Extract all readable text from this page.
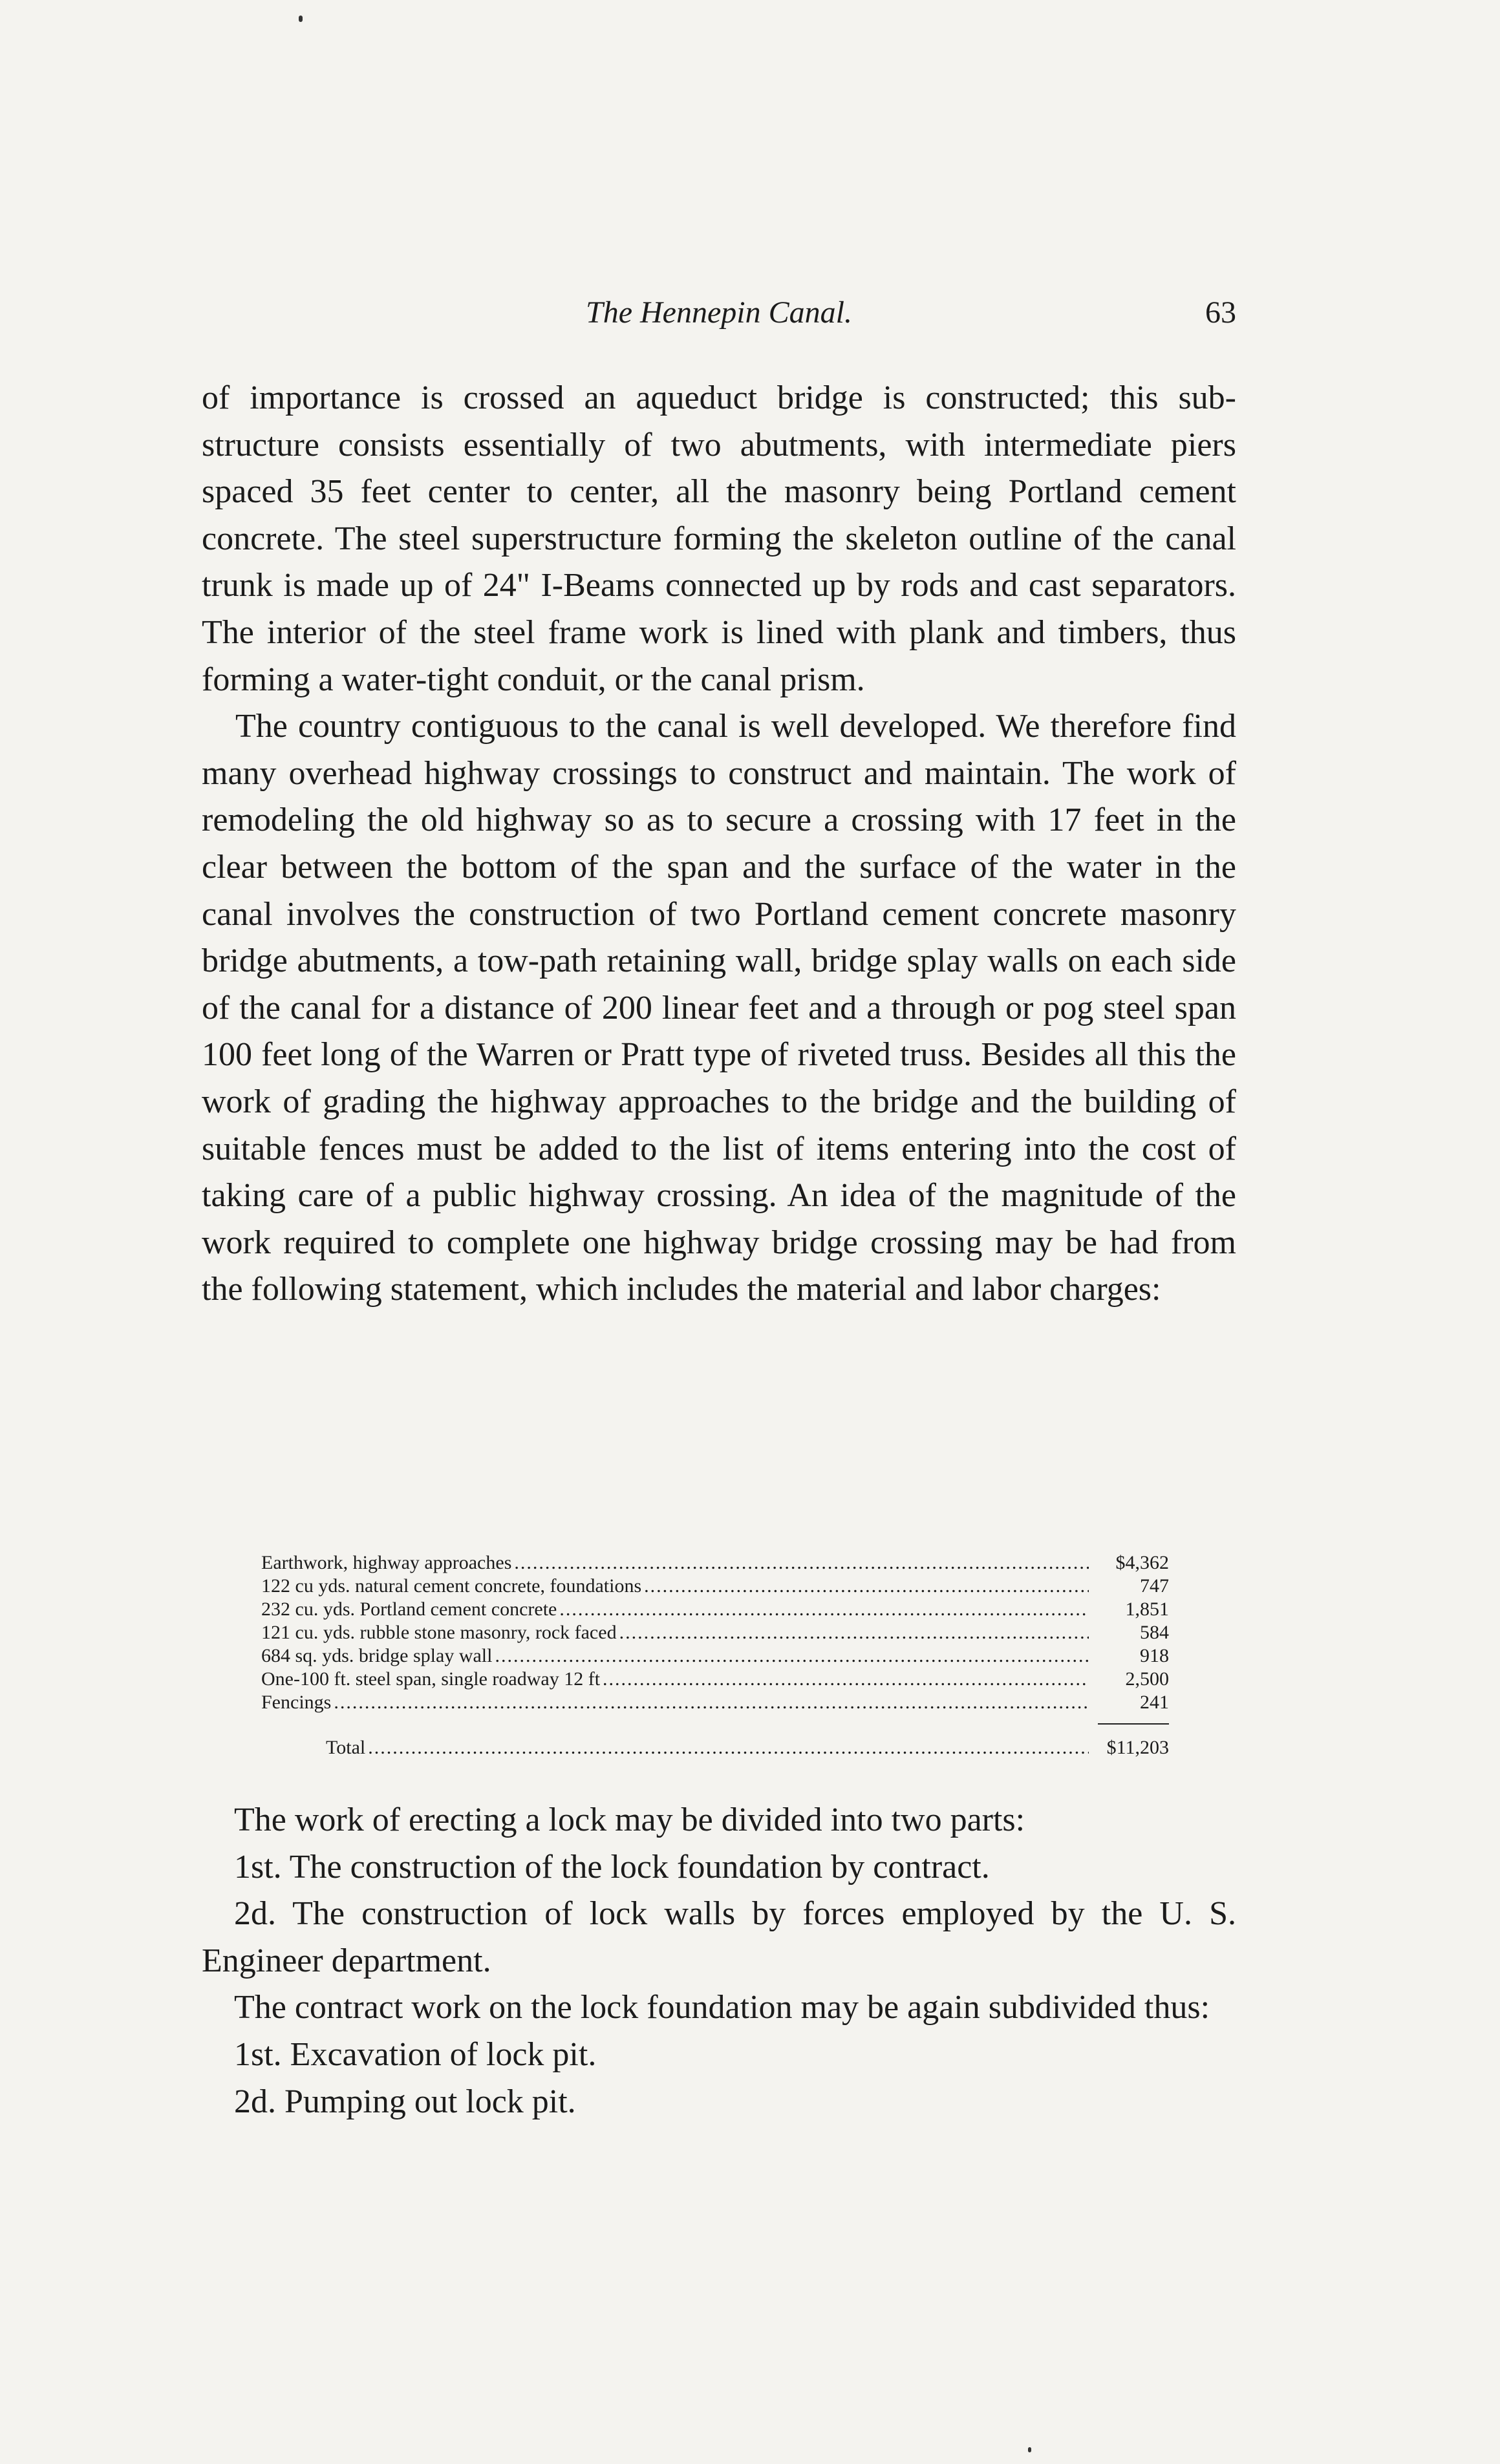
The Hennepin Canal.	63

of importance is crossed an aqueduct bridge is constructed; this sub-structure consists essentially of two abutments, with intermediate piers spaced 35 feet center to center, all the masonry being Portland cement concrete. The steel superstructure forming the skeleton outline of the canal trunk is made up of 24" I-Beams connected up by rods and cast separators. The interior of the steel frame work is lined with plank and timbers, thus forming a water-tight conduit, or the canal prism.

The country contiguous to the canal is well developed. We therefore find many overhead highway crossings to construct and maintain. The work of remodeling the old highway so as to secure a crossing with 17 feet in the clear between the bottom of the span and the surface of the water in the canal involves the construction of two Portland cement concrete masonry bridge abutments, a tow-path retaining wall, bridge splay walls on each side of the canal for a distance of 200 linear feet and a through or pog steel span 100 feet long of the Warren or Pratt type of riveted truss. Besides all this the work of grading the highway approaches to the bridge and the building of suitable fences must be added to the list of items entering into the cost of taking care of a public highway crossing. An idea of the magnitude of the work required to complete one highway bridge crossing may be had from the following statement, which includes the material and labor charges:

Earthwork, highway approaches .....	$4,362
122 cu yds. natural cement concrete, foundations .....	747
232 cu. yds. Portland cement concrete .....	1,851
121 cu. yds. rubble stone masonry, rock faced .....	584
684 sq. yds. bridge splay wall .....	918
One-100 ft. steel span, single roadway 12 ft .....	2,500
Fencings .....	241
Total .....	$11,203

The work of erecting a lock may be divided into two parts:

1st. The construction of the lock foundation by contract.

2d. The construction of lock walls by forces employed by the U. S. Engineer department.

The contract work on the lock foundation may be again subdivided thus:

1st. Excavation of lock pit.

2d. Pumping out lock pit.
